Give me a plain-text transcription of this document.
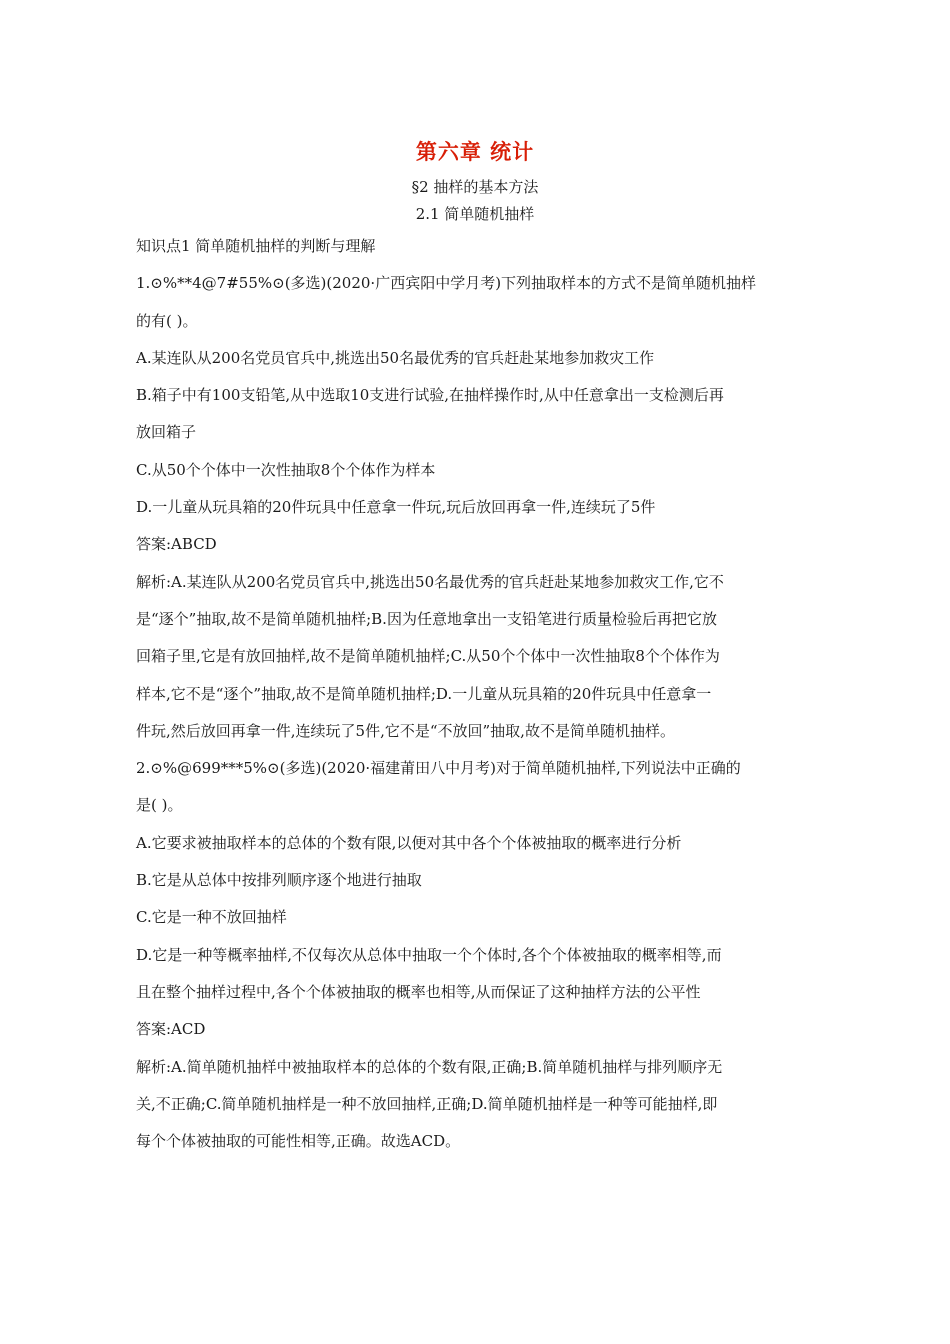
第六章 统计
§2 抽样的基本方法
2.1 简单随机抽样
知识点1 简单随机抽样的判断与理解
1.⊙%**4@7#55%⊙(多选)(2020·广西宾阳中学月考)下列抽取样本的方式不是简单随机抽样
的有( )。
A.某连队从200名党员官兵中,挑选出50名最优秀的官兵赶赴某地参加救灾工作
B.箱子中有100支铅笔,从中选取10支进行试验,在抽样操作时,从中任意拿出一支检测后再
放回箱子
C.从50个个体中一次性抽取8个个体作为样本
D.一儿童从玩具箱的20件玩具中任意拿一件玩,玩后放回再拿一件,连续玩了5件
答案:ABCD
解析:A.某连队从200名党员官兵中,挑选出50名最优秀的官兵赶赴某地参加救灾工作,它不
是“逐个”抽取,故不是简单随机抽样;B.因为任意地拿出一支铅笔进行质量检验后再把它放
回箱子里,它是有放回抽样,故不是简单随机抽样;C.从50个个体中一次性抽取8个个体作为
样本,它不是“逐个”抽取,故不是简单随机抽样;D.一儿童从玩具箱的20件玩具中任意拿一
件玩,然后放回再拿一件,连续玩了5件,它不是“不放回”抽取,故不是简单随机抽样。
2.⊙%@699***5%⊙(多选)(2020·福建莆田八中月考)对于简单随机抽样,下列说法中正确的
是( )。
A.它要求被抽取样本的总体的个数有限,以便对其中各个个体被抽取的概率进行分析
B.它是从总体中按排列顺序逐个地进行抽取
C.它是一种不放回抽样
D.它是一种等概率抽样,不仅每次从总体中抽取一个个体时,各个个体被抽取的概率相等,而
且在整个抽样过程中,各个个体被抽取的概率也相等,从而保证了这种抽样方法的公平性
答案:ACD
解析:A.简单随机抽样中被抽取样本的总体的个数有限,正确;B.简单随机抽样与排列顺序无
关,不正确;C.简单随机抽样是一种不放回抽样,正确;D.简单随机抽样是一种等可能抽样,即
每个个体被抽取的可能性相等,正确。故选ACD。
